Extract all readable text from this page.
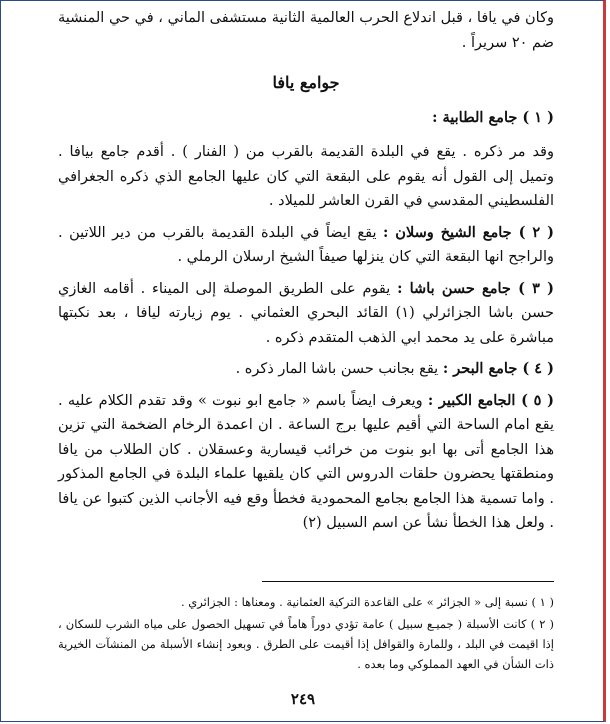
وكان في يافا ، قبل اندلاع الحرب العالمية الثانية مستشفى الماني ، في حي المنشية ضم ٢٠ سريراً .

جوامع يافا

( ١ ) جامع الطابية :

وقد مر ذكره . يقع في البلدة القديمة بالقرب من ( الفنار ) . أقدم جامع بيافا . وتميل إلى القول أنه يقوم على البقعة التي كان عليها الجامع الذي ذكره الجغرافي الفلسطيني المقدسي في القرن العاشر للميلاد .

( ٢ ) جامع الشيخ وسلان : يقع ايضاً في البلدة القديمة بالقرب من دير اللاتين . والراجح انها البقعة التي كان ينزلها صيفاً الشيخ ارسلان الرملي .

( ٣ ) جامع حسن باشا : يقوم على الطريق الموصلة إلى الميناء . أقامه الغازي حسن باشا الجزائرلي (١) القائد البحري العثماني . يوم زيارته ليافا ، بعد نكبتها مباشرة على يد محمد ابي الذهب المتقدم ذكره .

( ٤ ) جامع البحر : يقع بجانب حسن باشا المار ذكره .

( ٥ ) الجامع الكبير : ويعرف ايضاً باسم « جامع ابو نبوت » وقد تقدم الكلام عليه . يقع امام الساحة التي أقيم عليها برج الساعة . ان اعمدة الرخام الضخمة التي تزين هذا الجامع أتى بها ابو بنوت من خرائب قيسارية وعسقلان . كان الطلاب من يافا ومنطقتها يحضرون حلقات الدروس التي كان يلقيها علماء البلدة في الجامع المذكور . واما تسمية هذا الجامع بجامع المحمودية فخطأ وقع فيه الأجانب الذين كتبوا عن يافا . ولعل هذا الخطأ نشأ عن اسم السبيل (٢)

( ١ ) نسبة إلى « الجزائر » على القاعدة التركية العثمانية . ومعناها : الجزائري .

( ٢ ) كانت الأسبلة ( جميـع سبيل ) عامة تؤدي دوراً هاماً في تسهيل الحصول على مياه الشرب للسكان ، إذا اقيمت في البلد ، وللمارة والقوافل إذا أقيمت على الطرق . وبعود إنشاء الأسبلة من المنشآت الخيرية ذات الشأن في العهد المملوكي وما بعده .

٢٤٩
